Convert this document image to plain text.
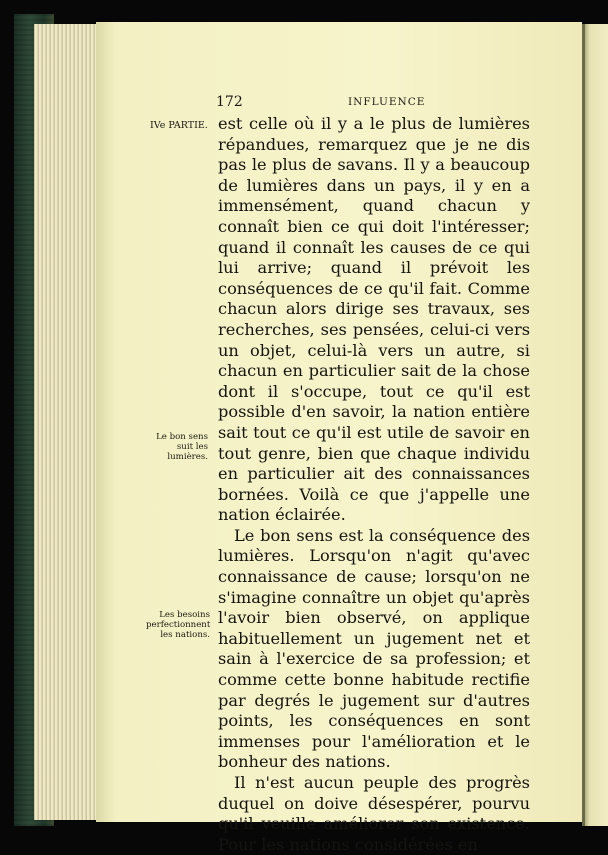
172	INFLUENCE
IVe PARTIE.
Le bon sens
suit les
lumières.
Les besoins
perfectionnent
les nations.

est celle où il y a le plus de lumières répandues, remarquez que je ne dis pas le plus de savans. Il y a beaucoup de lumières dans un pays, il y en a immensément, quand chacun y connaît bien ce qui doit l'intéresser; quand il connaît les causes de ce qui lui arrive; quand il prévoit les conséquences de ce qu'il fait. Comme chacun alors dirige ses travaux, ses recherches, ses pensées, celui-ci vers un objet, celui-là vers un autre, si chacun en particulier sait de la chose dont il s'occupe, tout ce qu'il est possible d'en savoir, la nation entière sait tout ce qu'il est utile de savoir en tout genre, bien que chaque individu en particulier ait des connaissances bornées. Voilà ce que j'appelle une nation éclairée.

Le bon sens est la conséquence des lumières. Lorsqu'on n'agit qu'avec connaissance de cause; lorsqu'on ne s'imagine connaître un objet qu'après l'avoir bien observé, on applique habituellement un jugement net et sain à l'exercice de sa profession; et comme cette bonne habitude rectifie par degrés le jugement sur d'autres points, les conséquences en sont immenses pour l'amélioration et le bonheur des nations.

Il n'est aucun peuple des progrès duquel on doive désespérer, pourvu qu'il veuille améliorer son existence. Pour les nations considérées en
